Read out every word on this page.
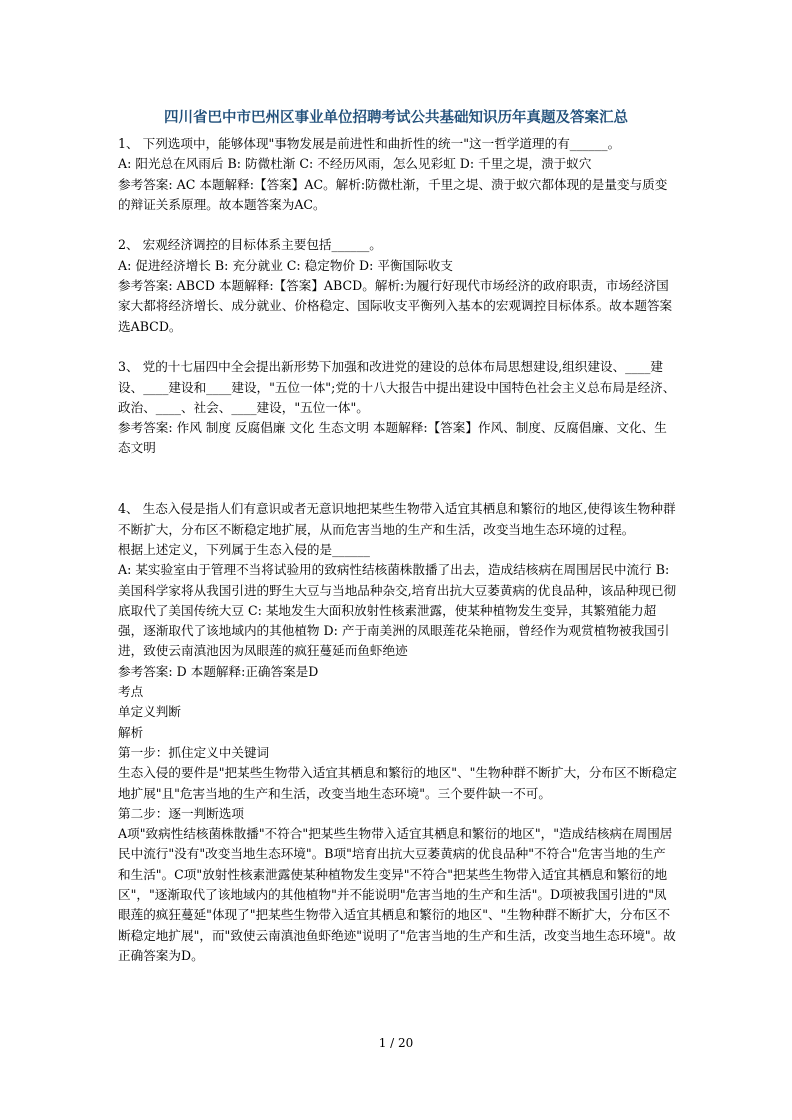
四川省巴中市巴州区事业单位招聘考试公共基础知识历年真题及答案汇总

1、 下列选项中，能够体现"事物发展是前进性和曲折性的统一"这一哲学道理的有______。

A: 阳光总在风雨后 B: 防微杜渐 C: 不经历风雨，怎么见彩虹 D: 千里之堤，溃于蚁穴

参考答案: AC 本题解释:【答案】AC。解析:防微杜渐，千里之堤、溃于蚁穴都体现的是量变与质变的辩证关系原理。故本题答案为AC。

2、 宏观经济调控的目标体系主要包括______。

A: 促进经济增长 B: 充分就业 C: 稳定物价 D: 平衡国际收支

参考答案: ABCD 本题解释:【答案】ABCD。解析:为履行好现代市场经济的政府职责，市场经济国家大都将经济增长、成分就业、价格稳定、国际收支平衡列入基本的宏观调控目标体系。故本题答案选ABCD。

3、 党的十七届四中全会提出新形势下加强和改进党的建设的总体布局思想建设,组织建设、____建设、____建设和____建设，"五位一体";党的十八大报告中提出建设中国特色社会主义总布局是经济、政治、____、社会、____建设，"五位一体"。

参考答案: 作风 制度 反腐倡廉 文化 生态文明 本题解释:【答案】作风、制度、反腐倡廉、文化、生态文明

4、 生态入侵是指人们有意识或者无意识地把某些生物带入适宜其栖息和繁衍的地区,使得该生物种群不断扩大，分布区不断稳定地扩展，从而危害当地的生产和生活，改变当地生态环境的过程。

根据上述定义，下列属于生态入侵的是______

A: 某实验室由于管理不当将试验用的致病性结核菌株散播了出去，造成结核病在周围居民中流行 B: 美国科学家将从我国引进的野生大豆与当地品种杂交,培育出抗大豆萎黄病的优良品种，该品种现已彻底取代了美国传统大豆 C: 某地发生大面积放射性核素泄露，使某种植物发生变异，其繁殖能力超强，逐渐取代了该地域内的其他植物 D: 产于南美洲的凤眼莲花朵艳丽，曾经作为观赏植物被我国引进，致使云南滇池因为凤眼莲的疯狂蔓延而鱼虾绝迹

参考答案: D 本题解释:正确答案是D

考点

单定义判断

解析

第一步：抓住定义中关键词

生态入侵的要件是"把某些生物带入适宜其栖息和繁衍的地区"、"生物种群不断扩大，分布区不断稳定地扩展"且"危害当地的生产和生活，改变当地生态环境"。三个要件缺一不可。

第二步：逐一判断选项

A项"致病性结核菌株散播"不符合"把某些生物带入适宜其栖息和繁衍的地区"，"造成结核病在周围居民中流行"没有"改变当地生态环境"。B项"培育出抗大豆萎黄病的优良品种"不符合"危害当地的生产和生活"。C项"放射性核素泄露使某种植物发生变异"不符合"把某些生物带入适宜其栖息和繁衍的地区"，"逐渐取代了该地域内的其他植物"并不能说明"危害当地的生产和生活"。D项被我国引进的"凤眼莲的疯狂蔓延"体现了"把某些生物带入适宜其栖息和繁衍的地区"、"生物种群不断扩大，分布区不断稳定地扩展"，而"致使云南滇池鱼虾绝迹"说明了"危害当地的生产和生活，改变当地生态环境"。故正确答案为D。

1 / 20
